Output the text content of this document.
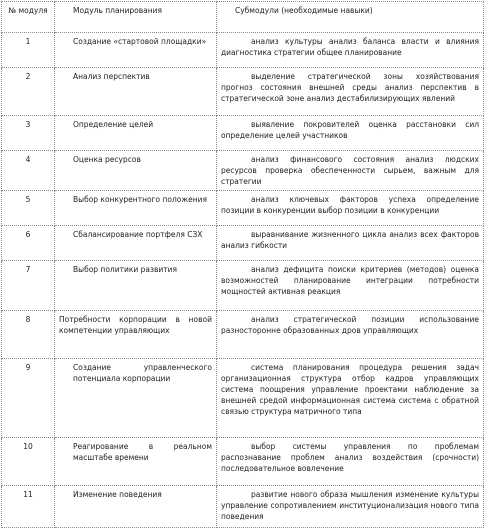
№ модуля	Модуль планирования	Субмодули (необходимые навыки)
1	Создание «стартовой площадки»	анализ культуры анализ баланса власти и влияния диагностика стратегии общее планирование
2	Анализ перспектив	выделение стратегической зоны хозяйствования прогноз состояния внешней среды анализ перспектив в стратегической зоне анализ дестабилизирующих явлений
3	Определение целей	выявление покровителей оценка расстановки сил определение целей участников
4	Оценка ресурсов	анализ финансового состояния анализ людских ресурсов проверка обеспеченности сырьем, важным для стратегии
5	Выбор конкурентного положения	анализ ключевых факторов успеха определение позиции в конкуренции выбор позиции в конкуренции
6	Сбалансирование портфеля СЗХ	выравнивание жизненного цикла анализ всех факторов анализ гибкости
7	Выбор политики развития	анализ дефицита поиски критериев (методов) оценка возможностей планирование интеграции потребности мощностей активная реакция
8	Потребности корпорации в новой компетенции управляющих	анализ стратегической позиции использование разносторонне образованных дров управляющих
9	Создание управленческого потенциала корпорации	система планирования процедура решения задач организационная структура отбор кадров управляющих система поощрения управление проектами наблюдение за внешней средой информационная система система с обратной связью структура матричного типа
10	Реагирование в реальном масштабе времени	выбор системы управления по проблемам распознавание проблем анализ воздействия (срочности) последовательное вовлечение
11	Изменение поведения	развитие нового образа мышления изменение культуры управление сопротивлением институционализация нового типа поведения
